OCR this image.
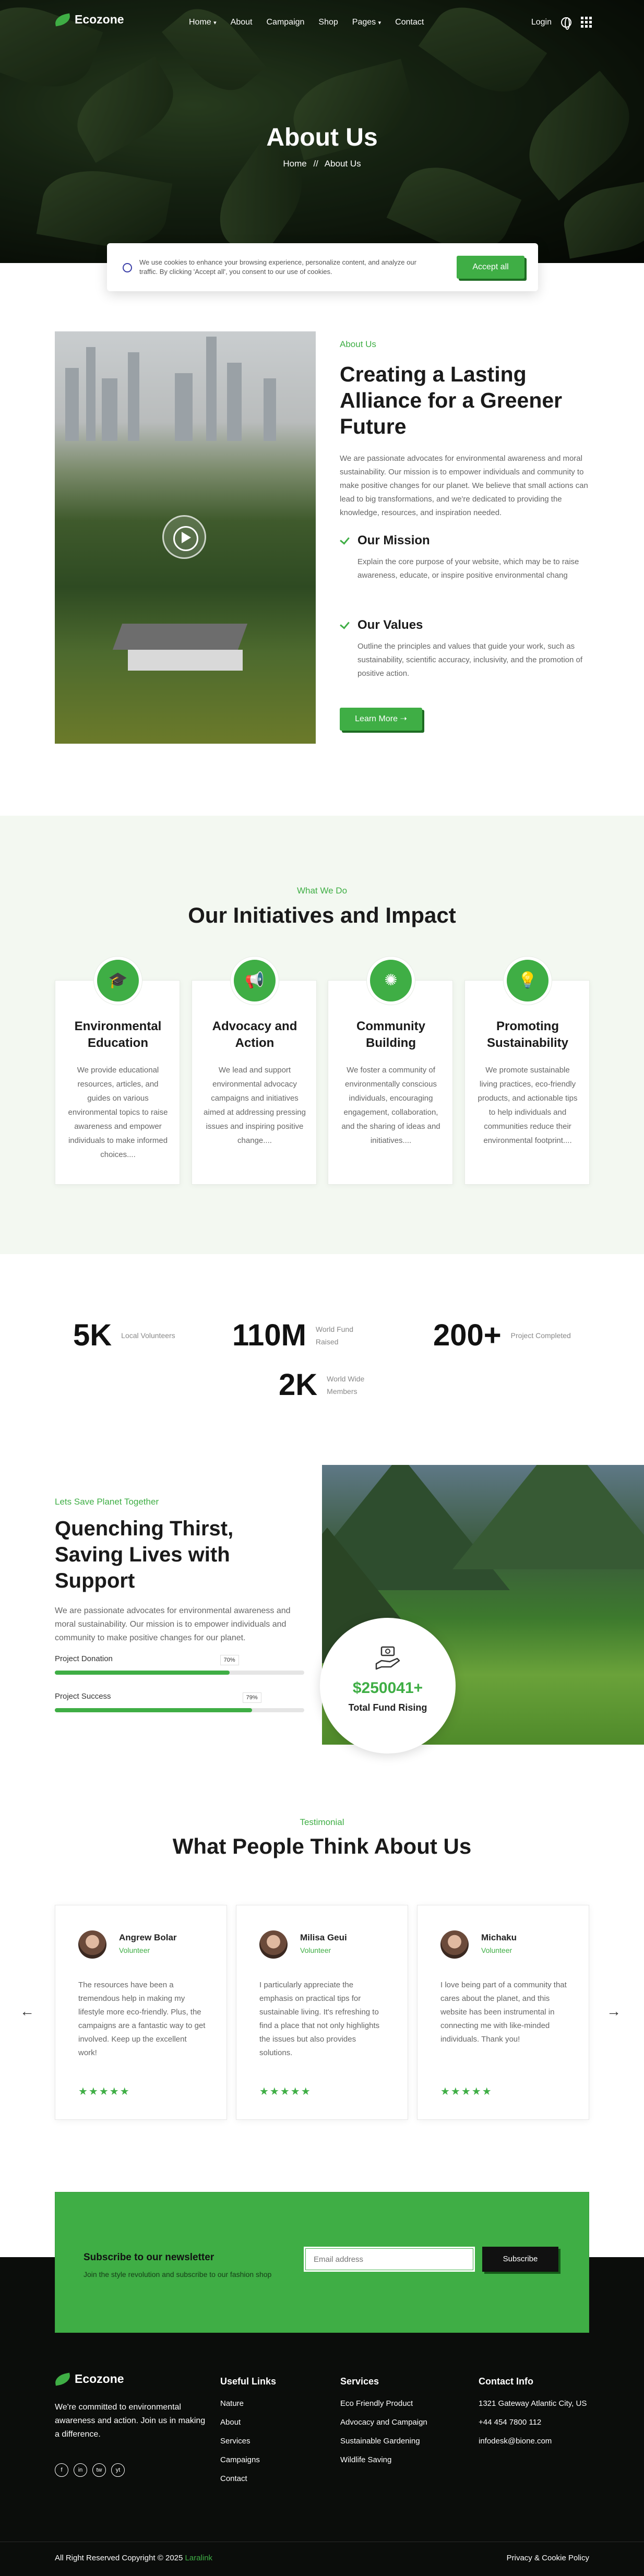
Ecozone	Home ▾ About Campaign Shop Pages ▾ Contact	Login
About Us
Home // About Us

We use cookies to enhance your browsing experience, personalize content, and analyze our traffic. By clicking 'Accept all', you consent to our use of cookies.

Accept all
About Us
Creating a Lasting Alliance for a Greener Future

We are passionate advocates for environmental awareness and moral sustainability. Our mission is to empower individuals and community to make positive changes for our planet. We believe that small actions can lead to big transformations, and we're dedicated to providing the knowledge, resources, and inspiration needed.

Our Mission

Explain the core purpose of your website, which may be to raise awareness, educate, or inspire positive environmental chang

Our Values

Outline the principles and values that guide your work, such as sustainability, scientific accuracy, inclusivity, and the promotion of positive action.

Learn More ➝
What We Do
Our Initiatives and Impact
🎓
Environmental Education

We provide educational resources, articles, and guides on various environmental topics to raise awareness and empower individuals to make informed choices....

📢
Advocacy and Action

We lead and support environmental advocacy campaigns and initiatives aimed at addressing pressing issues and inspiring positive change....

✺
Community Building

We foster a community of environmentally conscious individuals, encouraging engagement, collaboration, and the sharing of ideas and initiatives....

💡
Promoting Sustainability

We promote sustainable living practices, eco-friendly products, and actionable tips to help individuals and communities reduce their environmental footprint....

5K Local Volunteers 110M World Fund Raised	200+ Project Completed
2K World Wide Members
Lets Save Planet Together
Quenching Thirst, Saving Lives with Support

We are passionate advocates for environmental awareness and moral sustainability. Our mission is to empower individuals and community to make positive changes for our planet.

Project Donation	70%
Project Success	79%
$250041+
Total Fund Rising
Testimonial
What People Think About Us
←	→
Angrew Bolar
Volunteer

The resources have been a tremendous help in making my lifestyle more eco-friendly. Plus, the campaigns are a fantastic way to get involved. Keep up the excellent work!

★★★★★
Milisa Geui
Volunteer

I particularly appreciate the emphasis on practical tips for sustainable living. It's refreshing to find a place that not only highlights the issues but also provides solutions.

★★★★★
Michaku
Volunteer

I love being part of a community that cares about the planet, and this website has been instrumental in connecting me with like-minded individuals. Thank you!

★★★★★
Subscribe to our newsletter
Join the style revolution and subscribe to our fashion shop
Email address
Subscribe
Ecozone

We're committed to environmental awareness and action. Join us in making a difference.

f	in	tw	yt
Useful Links
Nature
About
Services
Campaigns
Contact
Services
Eco Friendly Product
Advocacy and Campaign
Sustainable Gardening
Wildlife Saving
Contact Info
1321 Gateway Atlantic City, US
+44 454 7800 112
infodesk@bione.com
All Right Reserved Copyright © 2025 Laralink	Privacy & Cookie Policy
